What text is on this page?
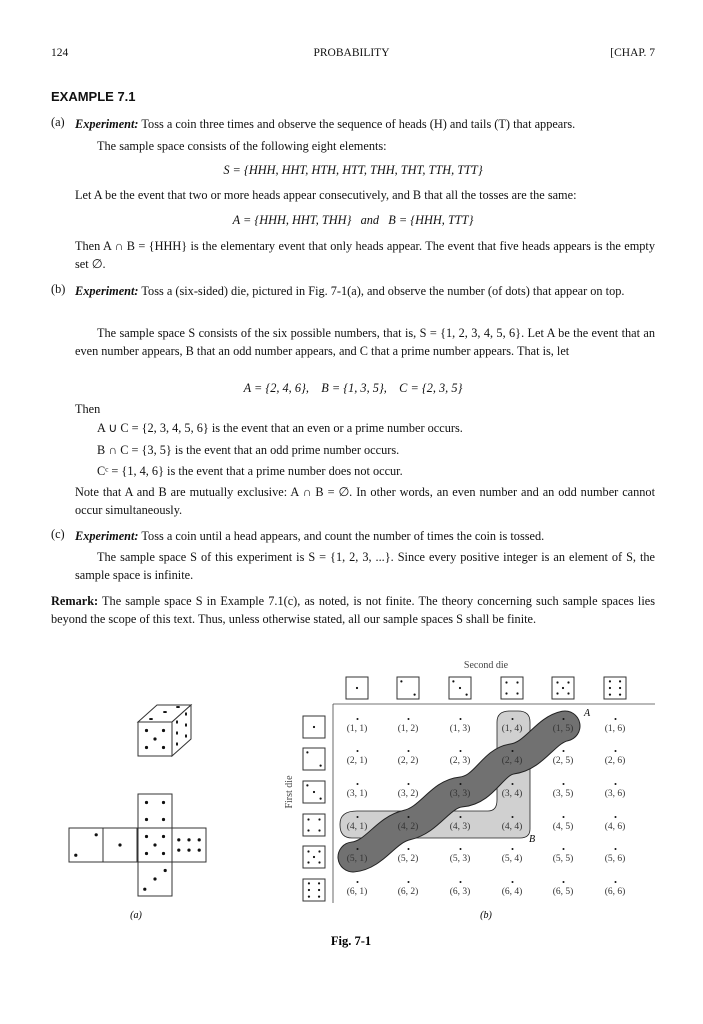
124	PROBABILITY	[CHAP. 7
EXAMPLE 7.1
(a) Experiment: Toss a coin three times and observe the sequence of heads (H) and tails (T) that appears.
The sample space consists of the following eight elements:
S = {HHH, HHT, HTH, HTT, THH, THT, TTH, TTT}
Let A be the event that two or more heads appear consecutively, and B that all the tosses are the same:
A = {HHH, HHT, THH}   and   B = {HHH, TTT}
Then A ∩ B = {HHH} is the elementary event that only heads appear. The event that five heads appears is the empty set ∅.
(b) Experiment: Toss a (six-sided) die, pictured in Fig. 7-1(a), and observe the number (of dots) that appear on top.
The sample space S consists of the six possible numbers, that is, S = {1, 2, 3, 4, 5, 6}. Let A be the event that an even number appears, B that an odd number appears, and C that a prime number appears. That is, let
A = {2, 4, 6},    B = {1, 3, 5},    C = {2, 3, 5}
Then
A ∪ C = {2, 3, 4, 5, 6} is the event that an even or a prime number occurs.
B ∩ C = {3, 5} is the event that an odd prime number occurs.
Cᶜ = {1, 4, 6} is the event that a prime number does not occur.
Note that A and B are mutually exclusive: A ∩ B = ∅. In other words, an even number and an odd number cannot occur simultaneously.
(c) Experiment: Toss a coin until a head appears, and count the number of times the coin is tossed.
The sample space S of this experiment is S = {1, 2, 3, ...}. Since every positive integer is an element of S, the sample space is infinite.
Remark: The sample space S in Example 7.1(c), as noted, is not finite. The theory concerning such sample spaces lies beyond the scope of this text. Thus, unless otherwise stated, all our sample spaces S shall be finite.
(1, 1)	(1, 2)	(1, 3)	(1, 4)	(1, 5)	(1, 6)
(2, 1)	(2, 2)	(2, 3)	(2, 4)	(2, 5)	(2, 6)
(3, 1)	(3, 2)	(3, 3)	(3, 4)	(3, 5)	(3, 6)
(4, 1)	(4, 2)	(4, 3)	(4, 4)	(4, 5)	(4, 6)
(5, 1)	(5, 2)	(5, 3)	(5, 4)	(5, 5)	(5, 6)
(6, 1)	(6, 2)	(6, 3)	(6, 4)	(6, 5)	(6, 6)
Second die
First die
A
B
(a)	(b)
Fig. 7-1
